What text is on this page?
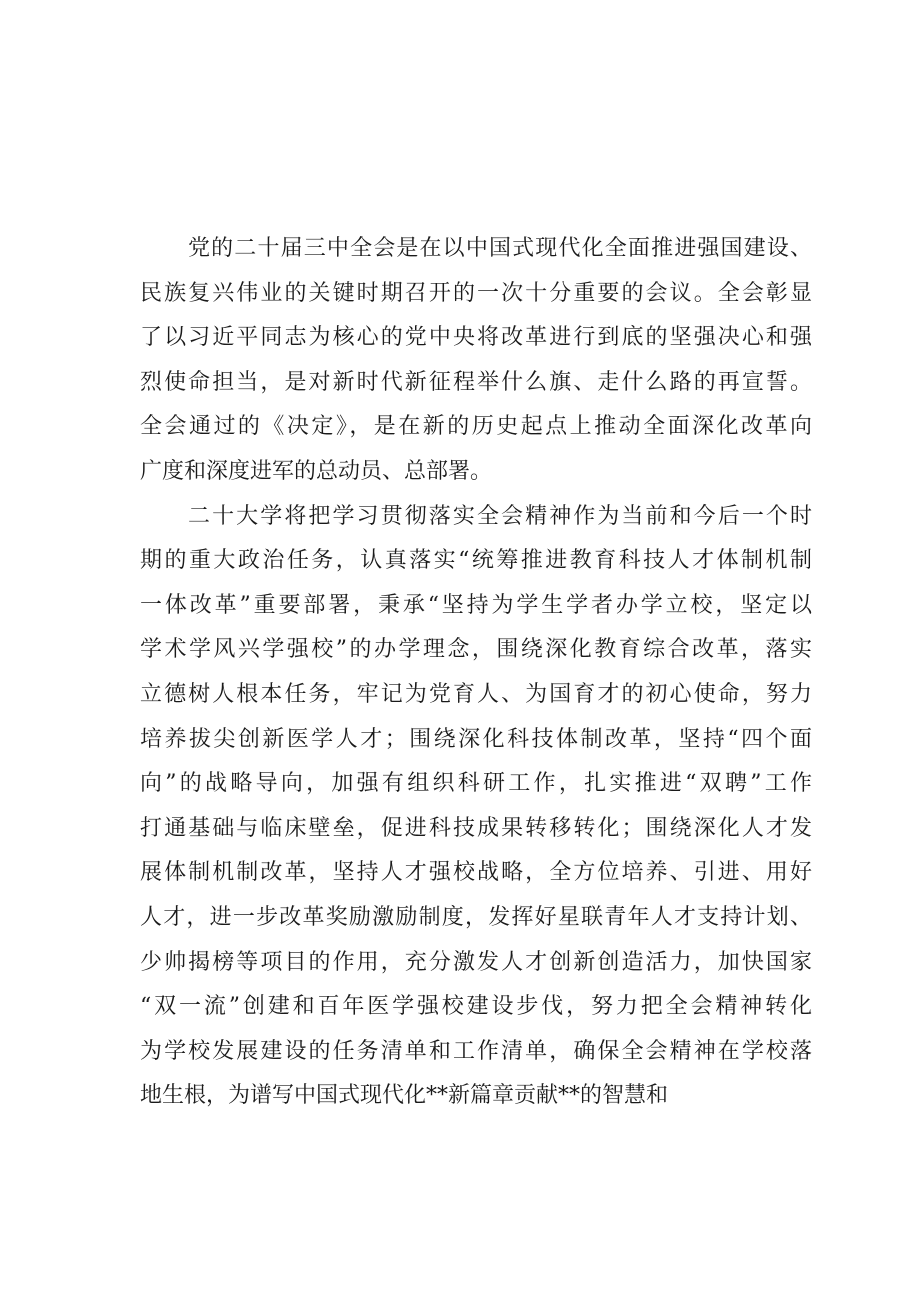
党的二十届三中全会是在以中国式现代化全面推进强国建设、
民族复兴伟业的关键时期召开的一次十分重要的会议。全会彰显
了以习近平同志为核心的党中央将改革进行到底的坚强决心和强
烈使命担当，是对新时代新征程举什么旗、走什么路的再宣誓。
全会通过的《决定》，是在新的历史起点上推动全面深化改革向
广度和深度进军的总动员、总部署。
二十大学将把学习贯彻落实全会精神作为当前和今后一个时
期的重大政治任务，认真落实“统筹推进教育科技人才体制机制
一体改革”重要部署，秉承“坚持为学生学者办学立校，坚定以
学术学风兴学强校”的办学理念，围绕深化教育综合改革，落实
立德树人根本任务，牢记为党育人、为国育才的初心使命，努力
培养拔尖创新医学人才；围绕深化科技体制改革，坚持“四个面
向”的战略导向，加强有组织科研工作，扎实推进“双聘”工作
打通基础与临床壁垒，促进科技成果转移转化；围绕深化人才发
展体制机制改革，坚持人才强校战略，全方位培养、引进、用好
人才，进一步改革奖励激励制度，发挥好星联青年人才支持计划、
少帅揭榜等项目的作用，充分激发人才创新创造活力，加快国家
“双一流”创建和百年医学强校建设步伐，努力把全会精神转化
为学校发展建设的任务清单和工作清单，确保全会精神在学校落
地生根，为谱写中国式现代化**新篇章贡献**的智慧和
